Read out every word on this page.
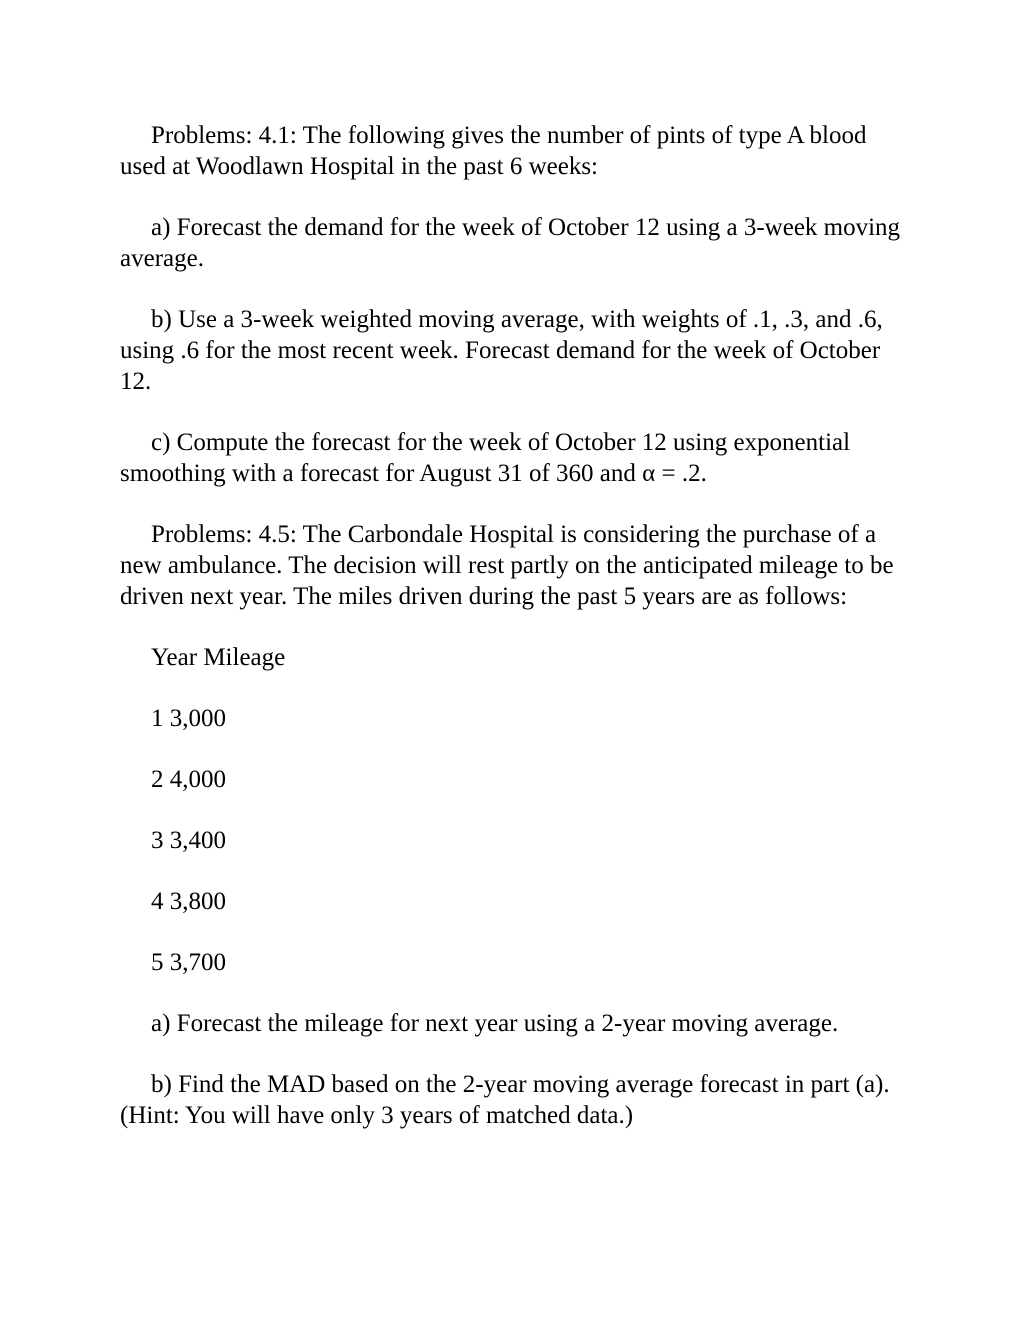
Problems: 4.1: The following gives the number of pints of type A blood used at Woodlawn Hospital in the past 6 weeks:

a) Forecast the demand for the week of October 12 using a 3-week moving average.

b) Use a 3-week weighted moving average, with weights of .1, .3, and .6, using .6 for the most recent week. Forecast demand for the week of October 12.

c) Compute the forecast for the week of October 12 using exponential smoothing with a forecast for August 31 of 360 and α = .2.

Problems: 4.5: The Carbondale Hospital is considering the purchase of a new ambulance. The decision will rest partly on the anticipated mileage to be driven next year. The miles driven during the past 5 years are as follows:

Year Mileage

1 3,000

2 4,000

3 3,400

4 3,800

5 3,700

a) Forecast the mileage for next year using a 2-year moving average.

b) Find the MAD based on the 2-year moving average forecast in part (a).(Hint: You will have only 3 years of matched data.)
